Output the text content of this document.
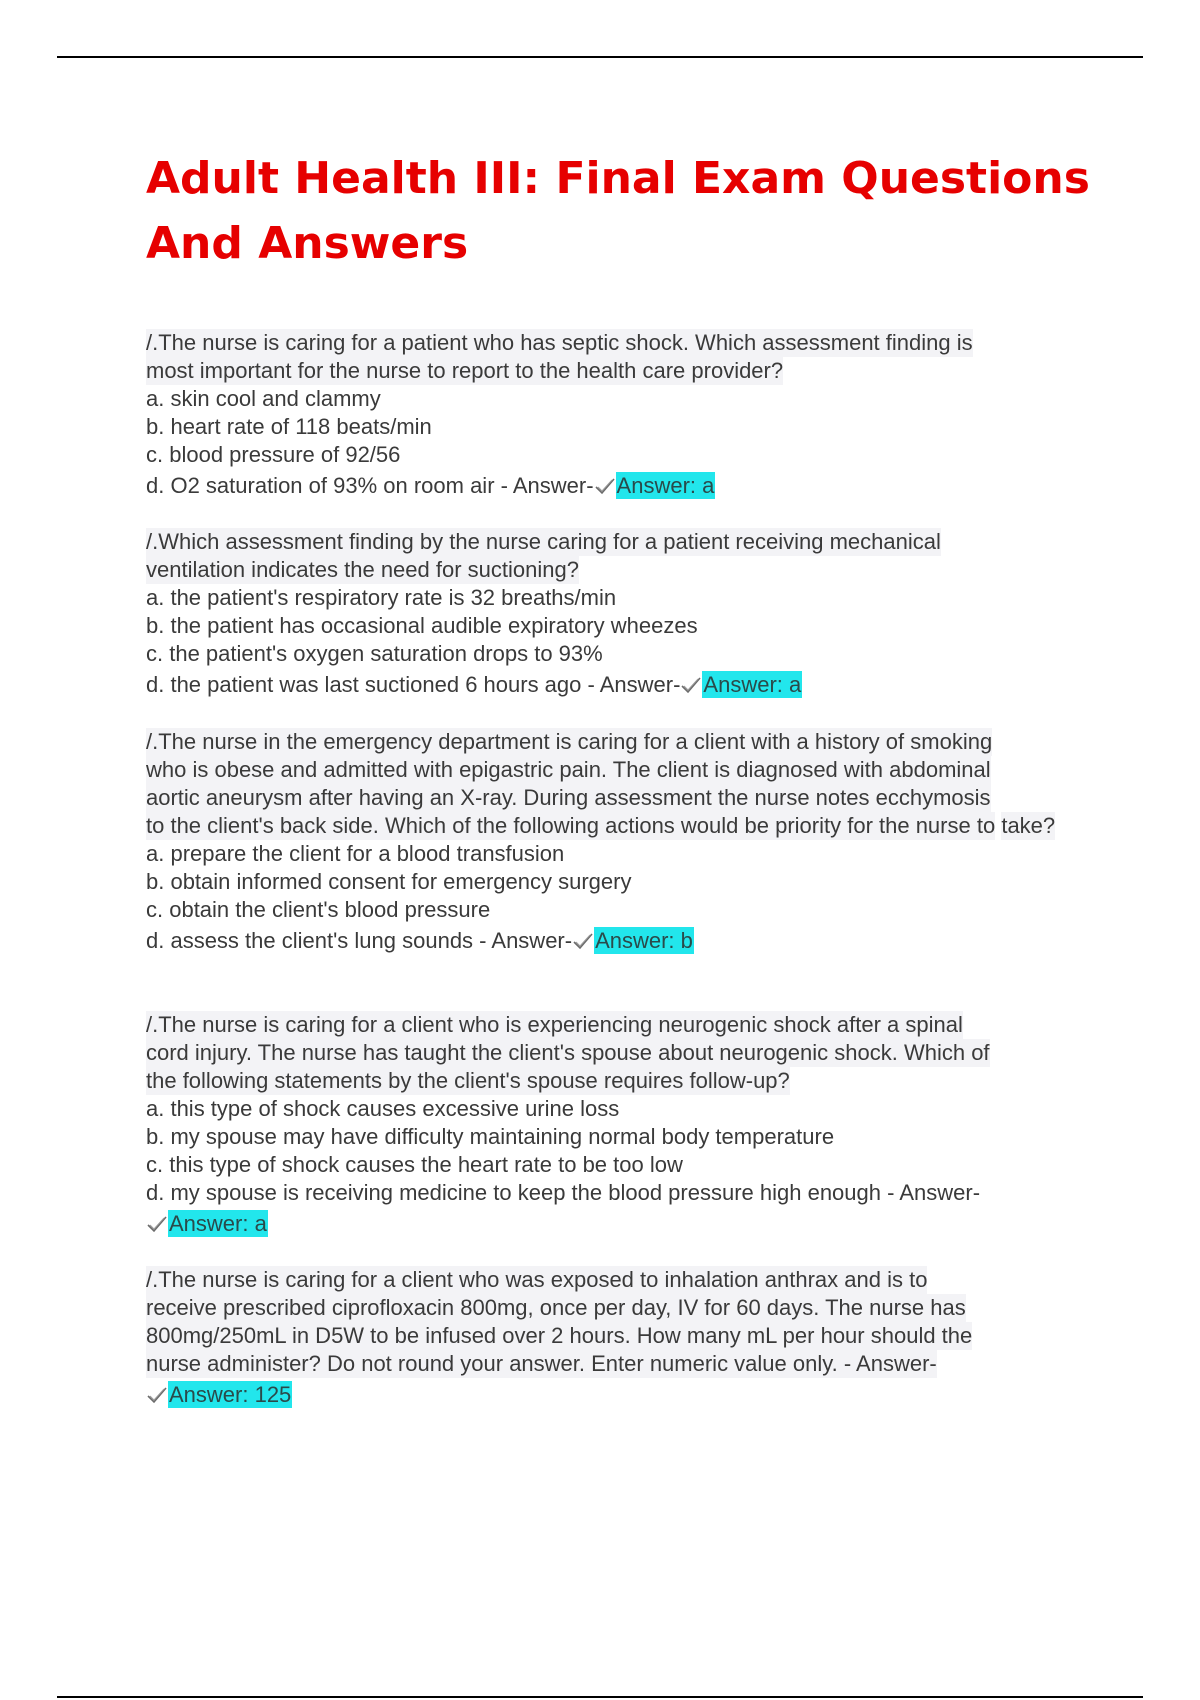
Adult Health III: Final Exam Questions
And Answers
/.The nurse is caring for a patient who has septic shock. Which assessment finding is most important for the nurse to report to the health care provider?
a. skin cool and clammy
b. heart rate of 118 beats/min
c. blood pressure of 92/56
d. O2 saturation of 93% on room air - Answer- Answer: a
/.Which assessment finding by the nurse caring for a patient receiving mechanical ventilation indicates the need for suctioning?
a. the patient's respiratory rate is 32 breaths/min
b. the patient has occasional audible expiratory wheezes
c. the patient's oxygen saturation drops to 93%
d. the patient was last suctioned 6 hours ago - Answer- Answer: a
/.The nurse in the emergency department is caring for a client with a history of smoking who is obese and admitted with epigastric pain. The client is diagnosed with abdominal aortic aneurysm after having an X-ray. During assessment the nurse notes ecchymosis to the client's back side. Which of the following actions would be priority for the nurse to take?
a. prepare the client for a blood transfusion
b. obtain informed consent for emergency surgery
c. obtain the client's blood pressure
d. assess the client's lung sounds - Answer- Answer: b
/.The nurse is caring for a client who is experiencing neurogenic shock after a spinal cord injury. The nurse has taught the client's spouse about neurogenic shock. Which of the following statements by the client's spouse requires follow-up?
a. this type of shock causes excessive urine loss
b. my spouse may have difficulty maintaining normal body temperature
c. this type of shock causes the heart rate to be too low
d. my spouse is receiving medicine to keep the blood pressure high enough - Answer-
Answer: a
/.The nurse is caring for a client who was exposed to inhalation anthrax and is to receive prescribed ciprofloxacin 800mg, once per day, IV for 60 days. The nurse has 800mg/250mL in D5W to be infused over 2 hours. How many mL per hour should the nurse administer? Do not round your answer. Enter numeric value only. - Answer-
Answer: 125
